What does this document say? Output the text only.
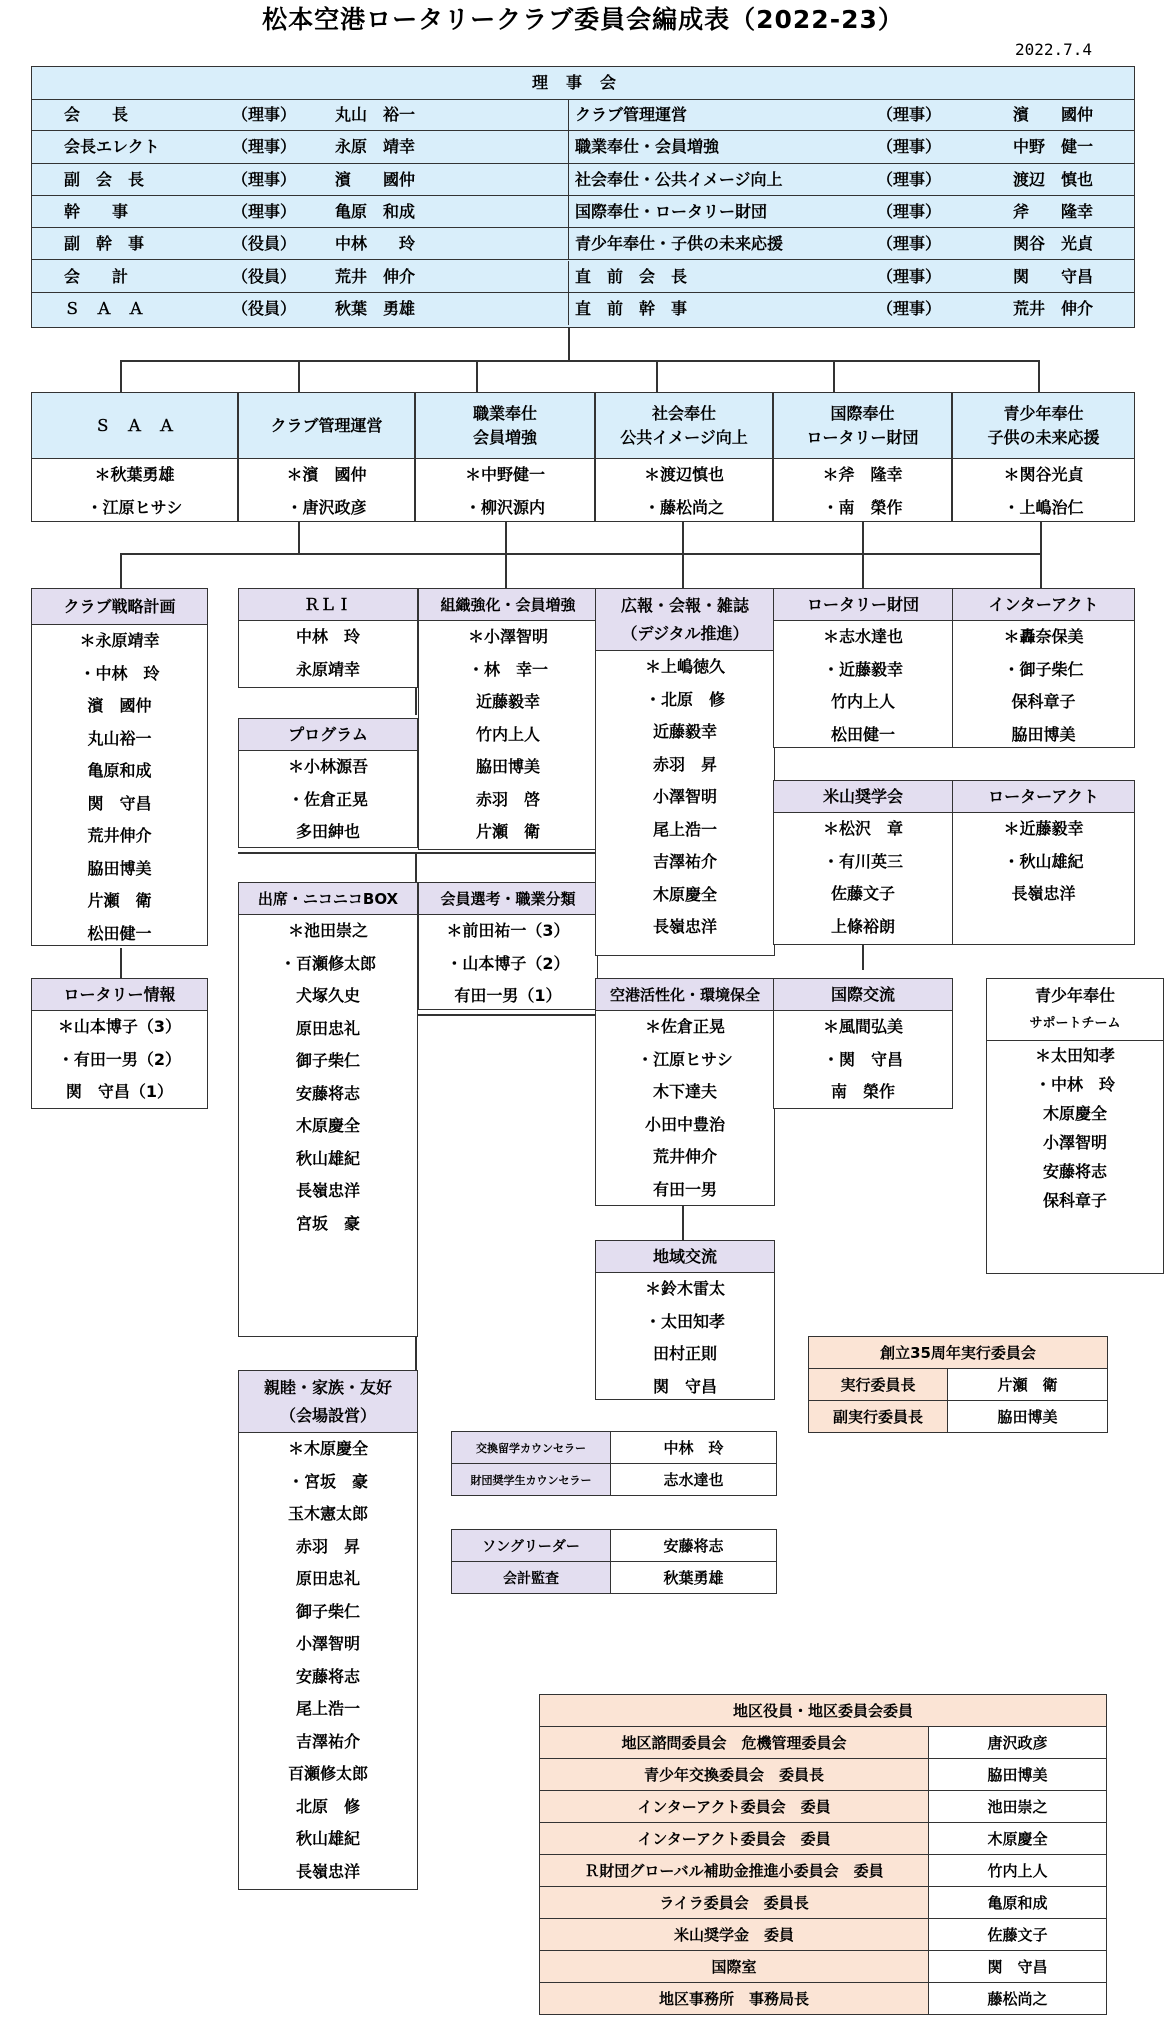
松本空港ロータリークラブ委員会編成表（2022-23）
2022.7.4
理事会
会　　長	（理事） 丸山　裕一	クラブ管理運営	（理事）	濱　　國仲
会長エレクト	（理事） 永原　靖幸	職業奉仕・会員増強	（理事）	中野　健一
副　会　長	（理事） 濱　　國仲	社会奉仕・公共イメージ向上	（理事）	渡辺　慎也
幹　　事	（理事） 亀原　和成	国際奉仕・ロータリー財団	（理事）	斧　　隆幸
副　幹　事	（役員） 中林　　玲	青少年奉仕・子供の未来応援	（理事）	関谷　光貞
会　　計	（役員） 荒井　伸介	直　前　会　長	（理事）	関　　守昌
Ｓ　Ａ　Ａ	（役員） 秋葉　勇雄	直　前　幹　事	（理事）	荒井　伸介
Ｓ　Ａ　Ａ
＊秋葉勇雄
・江原ヒサシ
クラブ管理運営
＊濱　國仲
・唐沢政彦
職業奉仕
会員増強
＊中野健一
・柳沢源内
社会奉仕
公共イメージ向上
＊渡辺慎也
・藤松尚之
国際奉仕
ロータリー財団
＊斧　隆幸
・南　榮作
青少年奉仕
子供の未来応援
＊関谷光貞
・上嶋治仁
クラブ戦略計画
＊永原靖幸
・中林　玲
濱　國仲
丸山裕一
亀原和成
関　守昌
荒井伸介
脇田博美
片瀬　衛
松田健一
ロータリー情報
＊山本博子（3）
・有田一男（2）
関　守昌（1）
ＲＬＩ
中林　玲
永原靖幸
プログラム
＊小林源吾
・佐倉正晃
多田紳也
出席・ニコニコBOX
＊池田崇之
・百瀬修太郎
犬塚久史
原田忠礼
御子柴仁
安藤将志
木原慶全
秋山雄紀
長嶺忠洋
宮坂　豪
親睦・家族・友好
（会場設営）
＊木原慶全
・宮坂　豪
玉木憲太郎
赤羽　昇
原田忠礼
御子柴仁
小澤智明
安藤将志
尾上浩一
吉澤祐介
百瀬修太郎
北原　修
秋山雄紀
長嶺忠洋
組織強化・会員増強
＊小澤智明
・林　幸一
近藤毅幸
竹内上人
脇田博美
赤羽　啓
片瀬　衛
会員選考・職業分類
＊前田祐一（3）
・山本博子（2）
有田一男（1）
広報・会報・雑誌
（デジタル推進）
＊上嶋徳久
・北原　修
近藤毅幸
赤羽　昇
小澤智明
尾上浩一
吉澤祐介
木原慶全
長嶺忠洋
空港活性化・環境保全
＊佐倉正晃
・江原ヒサシ
木下達夫
小田中豊治
荒井伸介
有田一男
地域交流
＊鈴木雷太
・太田知孝
田村正則
関　守昌
ロータリー財団
＊志水達也
・近藤毅幸
竹内上人
松田健一
米山奨学会
＊松沢　章
・有川英三
佐藤文子
上條裕朗
国際交流
＊風間弘美
・関　守昌
南　榮作
インターアクト
＊轟奈保美
・御子柴仁
保科章子
脇田博美
ローターアクト
＊近藤毅幸
・秋山雄紀
長嶺忠洋
青少年奉仕
サポートチーム
＊太田知孝
・中林　玲
木原慶全
小澤智明
安藤将志
保科章子
交換留学カウンセラー	中林　玲
財団奨学生カウンセラー	志水達也
ソングリーダー	安藤将志
会計監査	秋葉勇雄
創立35周年実行委員会	
実行委員長	片瀬　衛
副実行委員長	脇田博美
地区役員・地区委員会委員	
地区諮問委員会　危機管理委員会	唐沢政彦
青少年交換委員会　委員長	脇田博美
インターアクト委員会　委員	池田崇之
インターアクト委員会　委員	木原慶全
Ｒ財団グローバル補助金推進小委員会　委員	竹内上人
ライラ委員会　委員長	亀原和成
米山奨学金　委員	佐藤文子
国際室	関　守昌
地区事務所　事務局長	藤松尚之
